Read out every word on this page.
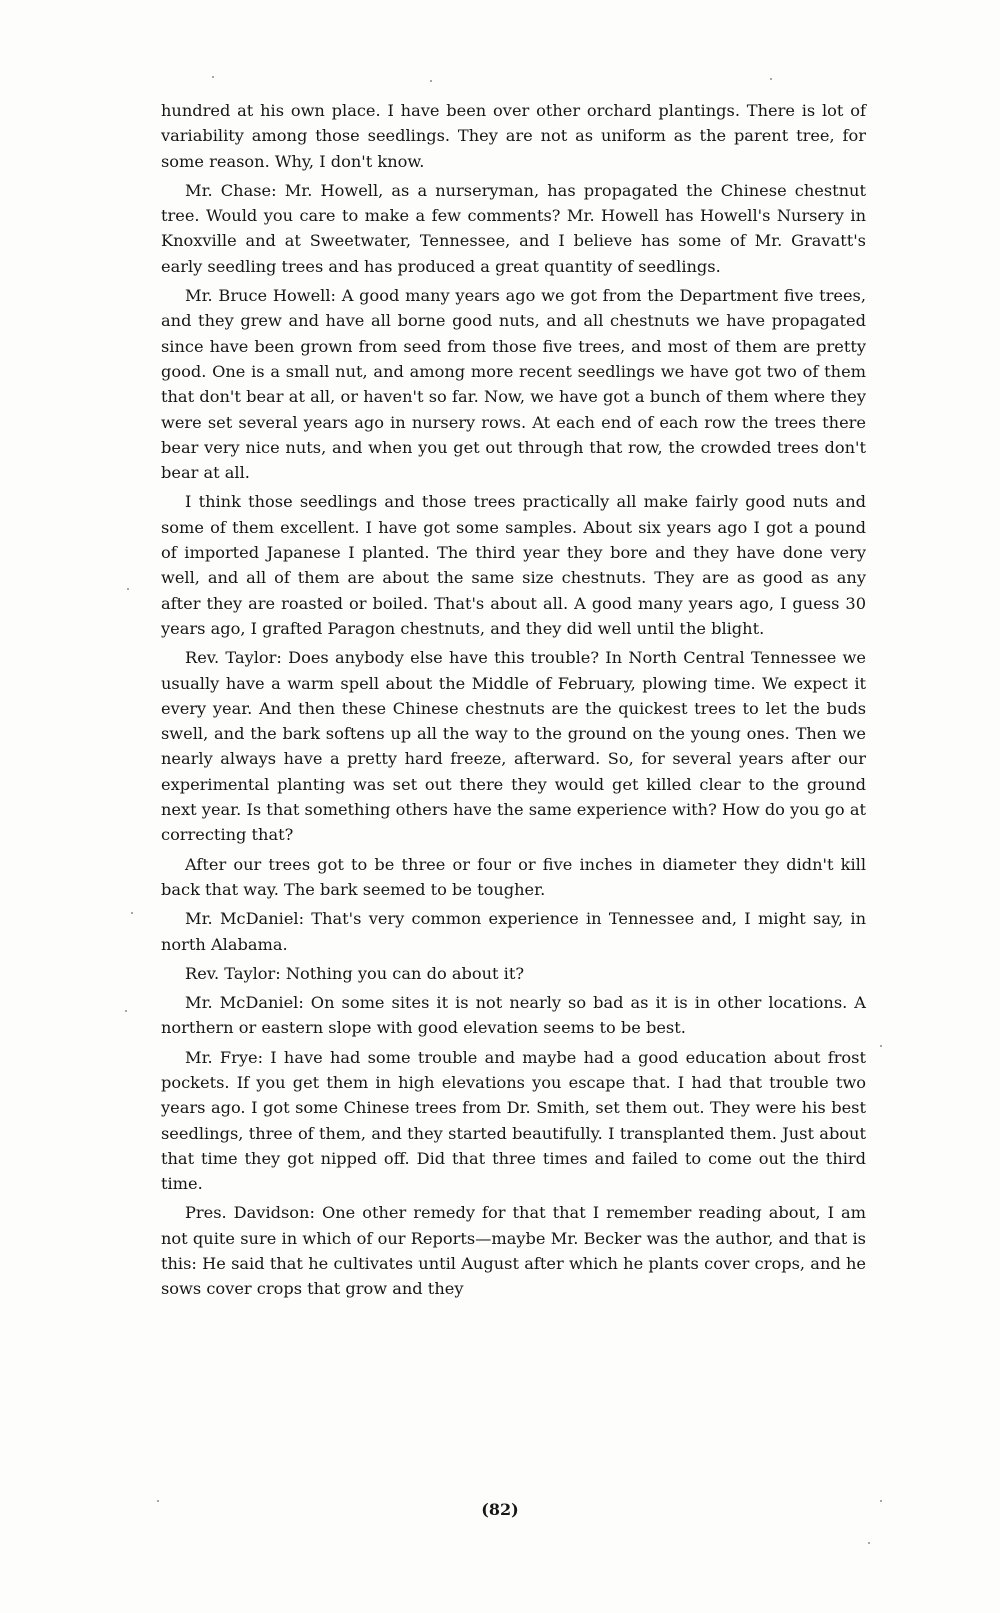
hundred at his own place. I have been over other orchard plantings. There is lot of variability among those seedlings. They are not as uniform as the parent tree, for some reason. Why, I don't know.

Mr. Chase: Mr. Howell, as a nurseryman, has propagated the Chinese chestnut tree. Would you care to make a few comments? Mr. Howell has Howell's Nursery in Knoxville and at Sweetwater, Tennessee, and I believe has some of Mr. Gravatt's early seedling trees and has produced a great quantity of seedlings.

Mr. Bruce Howell: A good many years ago we got from the Department five trees, and they grew and have all borne good nuts, and all chestnuts we have propagated since have been grown from seed from those five trees, and most of them are pretty good. One is a small nut, and among more recent seedlings we have got two of them that don't bear at all, or haven't so far. Now, we have got a bunch of them where they were set several years ago in nursery rows. At each end of each row the trees there bear very nice nuts, and when you get out through that row, the crowded trees don't bear at all.

I think those seedlings and those trees practically all make fairly good nuts and some of them excellent. I have got some samples. About six years ago I got a pound of imported Japanese I planted. The third year they bore and they have done very well, and all of them are about the same size chestnuts. They are as good as any after they are roasted or boiled. That's about all. A good many years ago, I guess 30 years ago, I grafted Paragon chestnuts, and they did well until the blight.

Rev. Taylor: Does anybody else have this trouble? In North Central Tennessee we usually have a warm spell about the Middle of February, plowing time. We expect it every year. And then these Chinese chestnuts are the quickest trees to let the buds swell, and the bark softens up all the way to the ground on the young ones. Then we nearly always have a pretty hard freeze, afterward. So, for several years after our experimental planting was set out there they would get killed clear to the ground next year. Is that something others have the same experience with? How do you go at correcting that?

After our trees got to be three or four or five inches in diameter they didn't kill back that way. The bark seemed to be tougher.

Mr. McDaniel: That's very common experience in Tennessee and, I might say, in north Alabama.

Rev. Taylor: Nothing you can do about it?

Mr. McDaniel: On some sites it is not nearly so bad as it is in other locations. A northern or eastern slope with good elevation seems to be best.

Mr. Frye: I have had some trouble and maybe had a good education about frost pockets. If you get them in high elevations you escape that. I had that trouble two years ago. I got some Chinese trees from Dr. Smith, set them out. They were his best seedlings, three of them, and they started beautifully. I transplanted them. Just about that time they got nipped off. Did that three times and failed to come out the third time.

Pres. Davidson: One other remedy for that that I remember reading about, I am not quite sure in which of our Reports—maybe Mr. Becker was the author, and that is this: He said that he cultivates until August after which he plants cover crops, and he sows cover crops that grow and they

(82)
